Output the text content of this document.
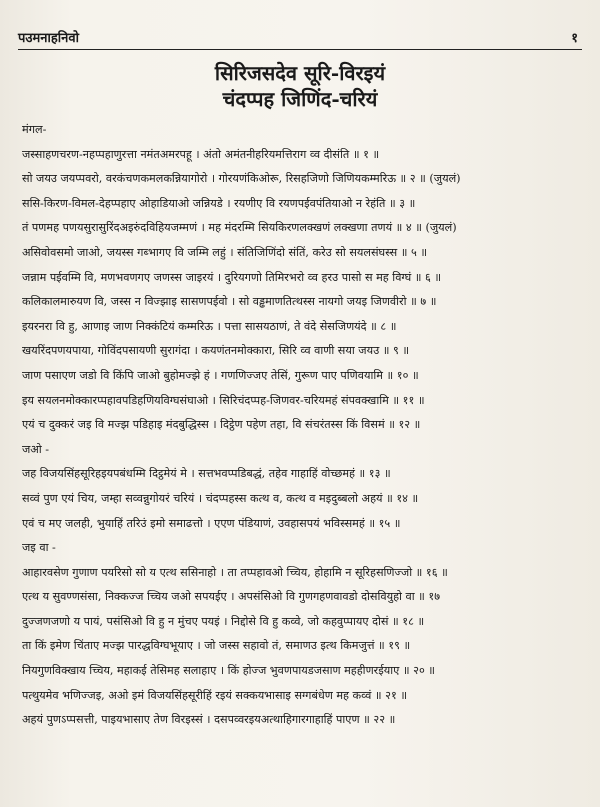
पउमनाहनिवो	१
सिरिजसदेव सूरि-विरइयं
चंदप्पह जिणिंद-चरियं
मंगल-
जस्साहणचरण-नहप्पहाणुरत्ता नमंतअमरपहू । अंतो अमंतनीहरियमत्तिराग व्व दीसंति ॥ १ ॥
सो जयउ जयप्पवरो, वरकंचणकमलकन्नियागोरो । गोरयणंकिओरू, रिसहजिणो जिणियकम्मरिऊ ॥ २ ॥ (जुयलं)
ससि-किरण-विमल-देहप्पहाए ओहाडियाओ जन्नियडे । रयणीए वि रयणपईवपंतियाओ न रेहंति ॥ ३ ॥
तं पणमह पणयसुरासुरिंदअइरुंदविहियजम्मणं । मह मंदरम्मि सियकिरणलक्खणं लक्खणा तणयं ॥ ४ ॥ (जुयलं)
असिवोवसमो जाओ, जयस्स गब्भागए वि जम्मि लहुं । संतिजिणिंदो संतिं, करेउ सो सयलसंघस्स ॥ ५ ॥
जन्नाम पईवम्मि वि, मणभवणगए जणस्स जाइरयं । दुरियगणो तिमिरभरो व्व हरउ पासो स मह विग्घं ॥ ६ ॥
कलिकालमारुयण वि, जस्स न विज्झाइ सासणपईवो । सो वड्ढमाणतित्थस्स नायगो जयइ जिणवीरो ॥ ७ ॥
इयरनरा वि हु, आणाइ जाण निक्कंटियं कम्मरिऊ । पत्ता सासयठाणं, ते वंदे सेसजिणयंदे ॥ ८ ॥
खयरिंदपणयपाया, गोविंदपसायणी सुरागंदा । कयणंतनमोक्कारा, सिरि व्व वाणी सया जयउ ॥ ९ ॥
जाण पसाएण जडो वि किंपि जाओ बुहोमज्झे हं । गणणिज्जए तेसिं, गुरूण पाए पणिवयामि ॥ १० ॥
इय सयलनमोक्कारप्पहावपडिहणियविग्घसंघाओ । सिरिचंदप्पह-जिणवर-चरियमहं संपवक्खामि ॥ ११ ॥
एयं च दुक्करं जइ वि मज्झ पडिहाइ मंदबुद्धिस्स । दिट्ठेण पहेण तहा, वि संचरंतस्स किं विसमं ॥ १२ ॥
जओ -
जह विजयसिंहसूरिहइयपबंधम्मि दिट्ठमेयं मे । सत्तभवप्पडिबद्धं, तहेव गाहाहिं वोच्छमहं ॥ १३ ॥
सव्वं पुण एयं चिय, जम्हा सव्वन्नुगोयरं चरियं । चंदप्पहस्स कत्थ व, कत्थ व मइदुब्बलो अहयं ॥ १४ ॥
एवं च मए जलही, भुयाहिं तरिउं इमो समाढत्तो । एएण पंडियाणं, उवहासपयं भविस्समहं ॥ १५ ॥
जइ वा -
आहारवसेण गुणाण पयरिसो सो य एत्थ ससिनाहो । ता तप्पहावओ च्चिय, होहामि न सूरिहसणिज्जो ॥ १६ ॥
एत्थ य सुवण्णसंसा, निक्कज्ज च्चिय जओ सपयईए । अपसंसिओ वि गुणगहणवावडो दोसवियुहो वा ॥ १७
दुज्जणजणो य पायं, पसंसिओ वि हु न मुंचए पयइं । निद्दोसे वि हु कव्वे, जो कहवुप्पायए दोसं ॥ १८ ॥
ता किं इमेण चिंताए मज्झ पारद्धविग्घभूयाए । जो जस्स सहावो तं, समाणउ इत्थ किमजुत्तं ॥ १९ ॥
नियगुणविक्खाय च्चिय, महाकई तेसिमह सलाहाए । किं होज्ज भुवणपायडजसाण महहीणरईयाए ॥ २० ॥
पत्थुयमेव भणिज्जइ, अओ इमं विजयसिंहसूरीहिं रइयं सक्कयभासाइ सग्गबंधेण मह कव्वं ॥ २१ ॥
अहयं पुणऽप्पसत्ती, पाइयभासाए तेण विरइस्सं । दसपव्वरइयअत्थाहिगारगाहाहिं पाएण ॥ २२ ॥
